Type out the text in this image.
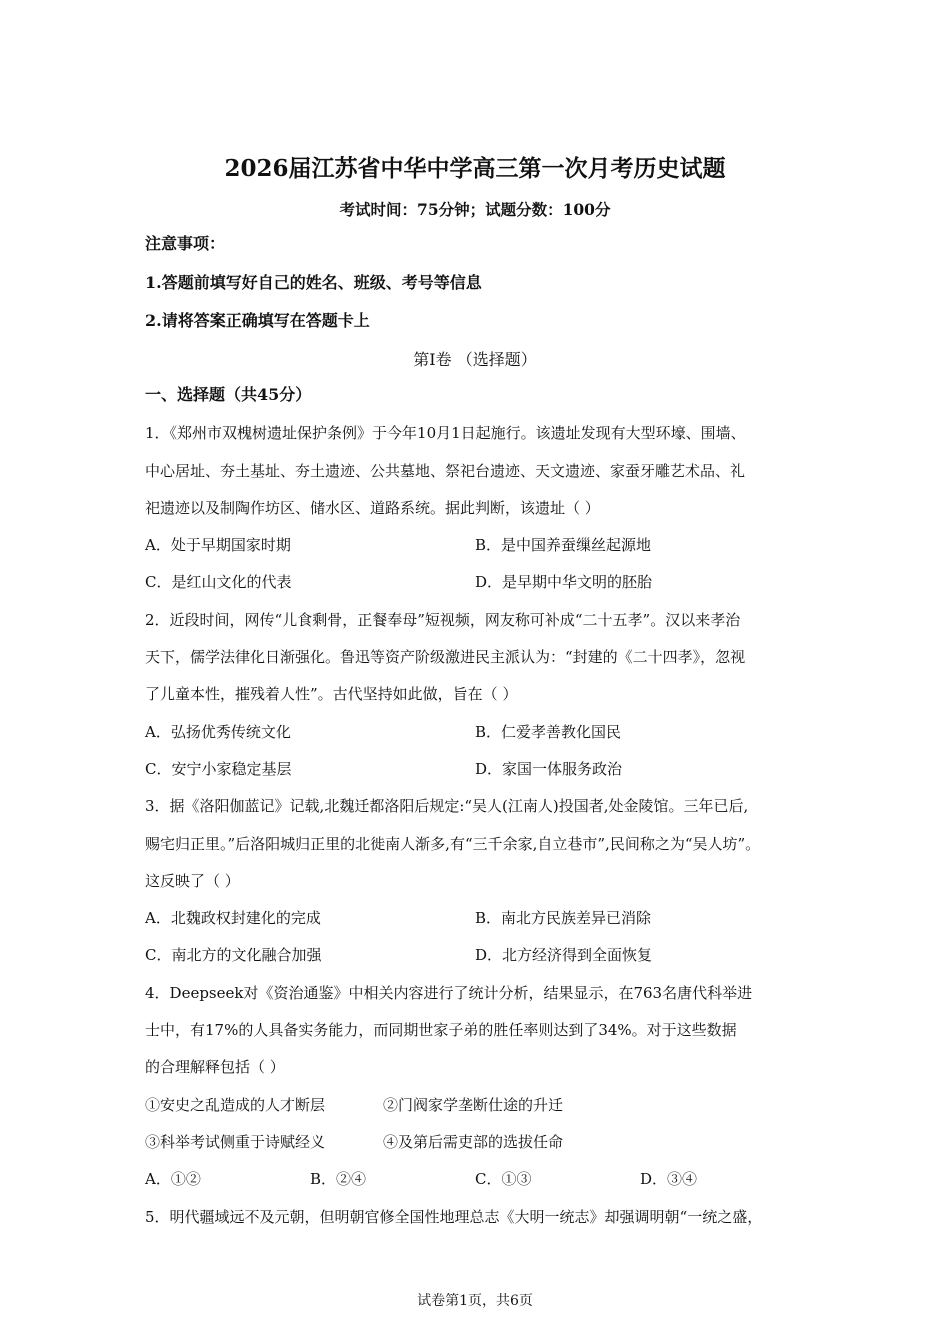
2026届江苏省中华中学高三第一次月考历史试题
考试时间：75分钟；试题分数：100分
注意事项：
1.答题前填写好自己的姓名、班级、考号等信息
2.请将答案正确填写在答题卡上
第I卷 （选择题）
一、选择题（共45分）
1．《郑州市双槐树遗址保护条例》于今年10月1日起施行。该遗址发现有大型环壕、围墙、
中心居址、夯土基址、夯土遗迹、公共墓地、祭祀台遗迹、天文遗迹、家蚕牙雕艺术品、礼
祀遗迹以及制陶作坊区、储水区、道路系统。据此判断，该遗址（ ）
A．处于早期国家时期	B．是中国养蚕缫丝起源地
C．是红山文化的代表	D．是早期中华文明的胚胎
2．近段时间，网传“儿食剩骨，正餐奉母”短视频，网友称可补成“二十五孝”。汉以来孝治
天下，儒学法律化日渐强化。鲁迅等资产阶级激进民主派认为：“封建的《二十四孝》，忽视
了儿童本性，摧残着人性”。古代坚持如此做，旨在（ ）
A．弘扬优秀传统文化	B．仁爱孝善教化国民
C．安宁小家稳定基层	D．家国一体服务政治
3．据《洛阳伽蓝记》记载,北魏迁都洛阳后规定:“吴人(江南人)投国者,处金陵馆。三年已后,
赐宅归正里。”后洛阳城归正里的北徙南人渐多,有“三千余家,自立巷市”,民间称之为“吴人坊”。
这反映了（ ）
A．北魏政权封建化的完成	B．南北方民族差异已消除
C．南北方的文化融合加强	D．北方经济得到全面恢复
4．Deepseek对《资治通鉴》中相关内容进行了统计分析，结果显示，在763名唐代科举进
士中，有17%的人具备实务能力，而同期世家子弟的胜任率则达到了34%。对于这些数据
的合理解释包括（ ）
①安史之乱造成的人才断层	②门阀家学垄断仕途的升迁
③科举考试侧重于诗赋经义	④及第后需吏部的选拔任命
A．①②	B．②④	C．①③	D．③④
5．明代疆域远不及元朝，但明朝官修全国性地理总志《大明一统志》却强调明朝“一统之盛，
试卷第1页，共6页
